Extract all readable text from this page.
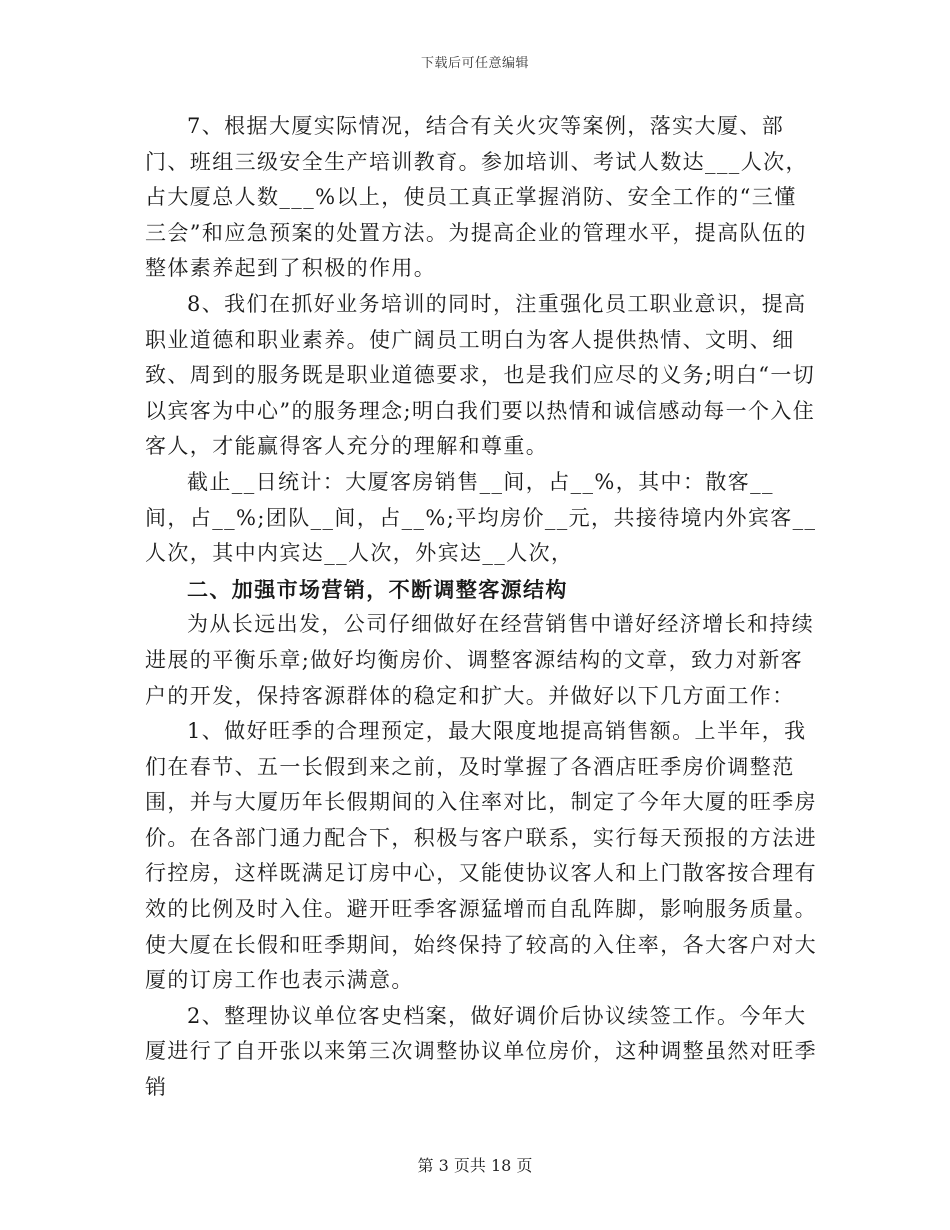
下载后可任意编辑

7、根据大厦实际情况，结合有关火灾等案例，落实大厦、部门、班组三级安全生产培训教育。参加培训、考试人数达___人次，占大厦总人数___%以上，使员工真正掌握消防、安全工作的“三懂三会”和应急预案的处置方法。为提高企业的管理水平，提高队伍的整体素养起到了积极的作用。

8、我们在抓好业务培训的同时，注重强化员工职业意识，提高职业道德和职业素养。使广阔员工明白为客人提供热情、文明、细致、周到的服务既是职业道德要求，也是我们应尽的义务;明白“一切以宾客为中心”的服务理念;明白我们要以热情和诚信感动每一个入住客人，才能赢得客人充分的理解和尊重。

截止__日统计：大厦客房销售__间，占__%，其中：散客__间，占__%;团队__间，占__%;平均房价__元，共接待境内外宾客__人次，其中内宾达__人次，外宾达__人次，

二、加强市场营销，不断调整客源结构

为从长远出发，公司仔细做好在经营销售中谱好经济增长和持续进展的平衡乐章;做好均衡房价、调整客源结构的文章，致力对新客户的开发，保持客源群体的稳定和扩大。并做好以下几方面工作：

1、做好旺季的合理预定，最大限度地提高销售额。上半年，我们在春节、五一长假到来之前，及时掌握了各酒店旺季房价调整范围，并与大厦历年长假期间的入住率对比，制定了今年大厦的旺季房价。在各部门通力配合下，积极与客户联系，实行每天预报的方法进行控房，这样既满足订房中心，又能使协议客人和上门散客按合理有效的比例及时入住。避开旺季客源猛增而自乱阵脚，影响服务质量。使大厦在长假和旺季期间，始终保持了较高的入住率，各大客户对大厦的订房工作也表示满意。

2、整理协议单位客史档案，做好调价后协议续签工作。今年大厦进行了自开张以来第三次调整协议单位房价，这种调整虽然对旺季销

第 3 页共 18 页
